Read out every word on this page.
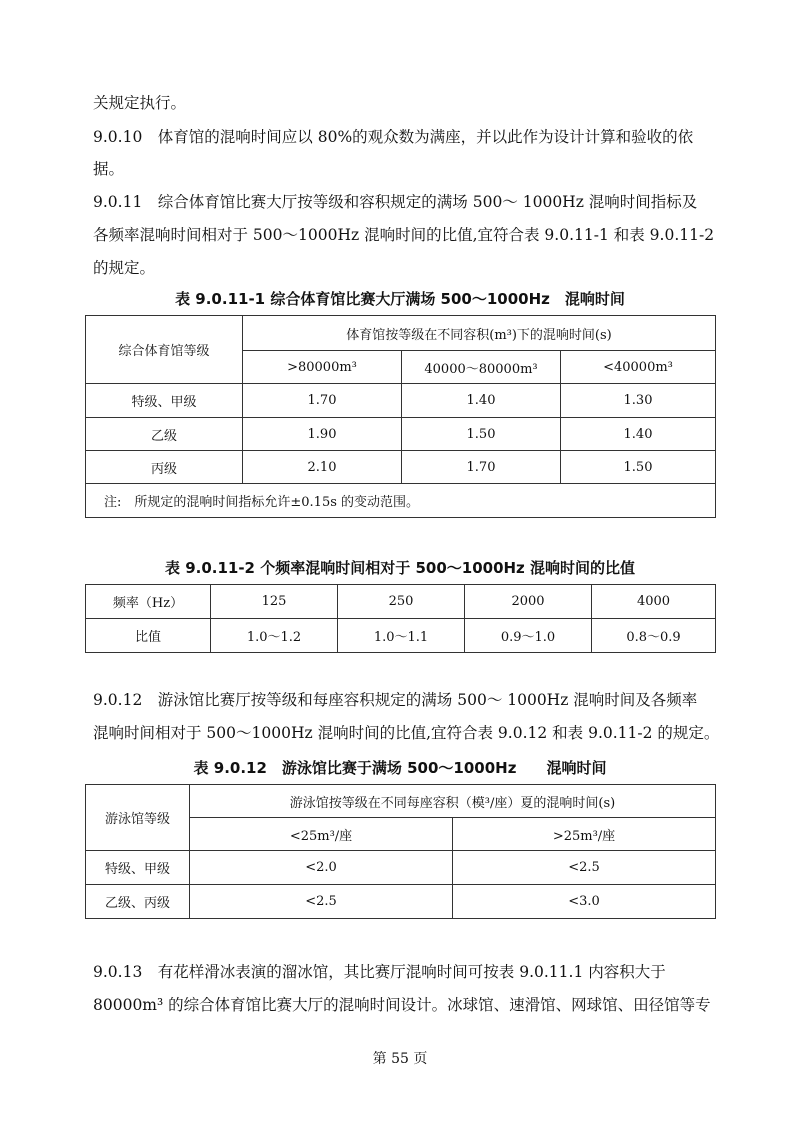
关规定执行。
9.0.10　体育馆的混响时间应以 80%的观众数为满座，并以此作为设计计算和验收的依
据。
9.0.11　综合体育馆比赛大厅按等级和容积规定的满场 500～ 1000Hz 混响时间指标及
各频率混响时间相对于 500～1000Hz 混响时间的比值,宜符合表 9.0.11-1 和表 9.0.11-2
的规定。
表 9.0.11-1 综合体育馆比赛大厅满场 500～1000Hz　混响时间
综合体育馆等级	体育馆按等级在不同容积(m³)下的混响时间(s)		
	>80000m³	40000～80000m³	<40000m³
特级、甲级	1.70	1.40	1.30
乙级	1.90	1.50	1.40
丙级	2.10	1.70	1.50
注:　所规定的混响时间指标允许±0.15s 的变动范围。			
表 9.0.11-2 个频率混响时间相对于 500～1000Hz 混响时间的比值
频率（Hz）	125	250	2000	4000
比值	1.0～1.2	1.0～1.1	0.9～1.0	0.8～0.9
9.0.12　游泳馆比赛厅按等级和每座容积规定的满场 500～ 1000Hz 混响时间及各频率
混响时间相对于 500～1000Hz 混响时间的比值,宜符合表 9.0.12 和表 9.0.11-2 的规定。
表 9.0.12　游泳馆比赛于满场 500～1000Hz　　混响时间
游泳馆等级	游泳馆按等级在不同每座容积（模³/座）夏的混响时间(s)	
	<25m³/座	>25m³/座
特级、甲级	<2.0	<2.5
乙级、丙级	<2.5	<3.0
9.0.13　有花样滑冰表演的溜冰馆，其比赛厅混响时间可按表 9.0.11.1 内容积大于
80000m³ 的综合体育馆比赛大厅的混响时间设计。冰球馆、速滑馆、网球馆、田径馆等专
第 55 页
